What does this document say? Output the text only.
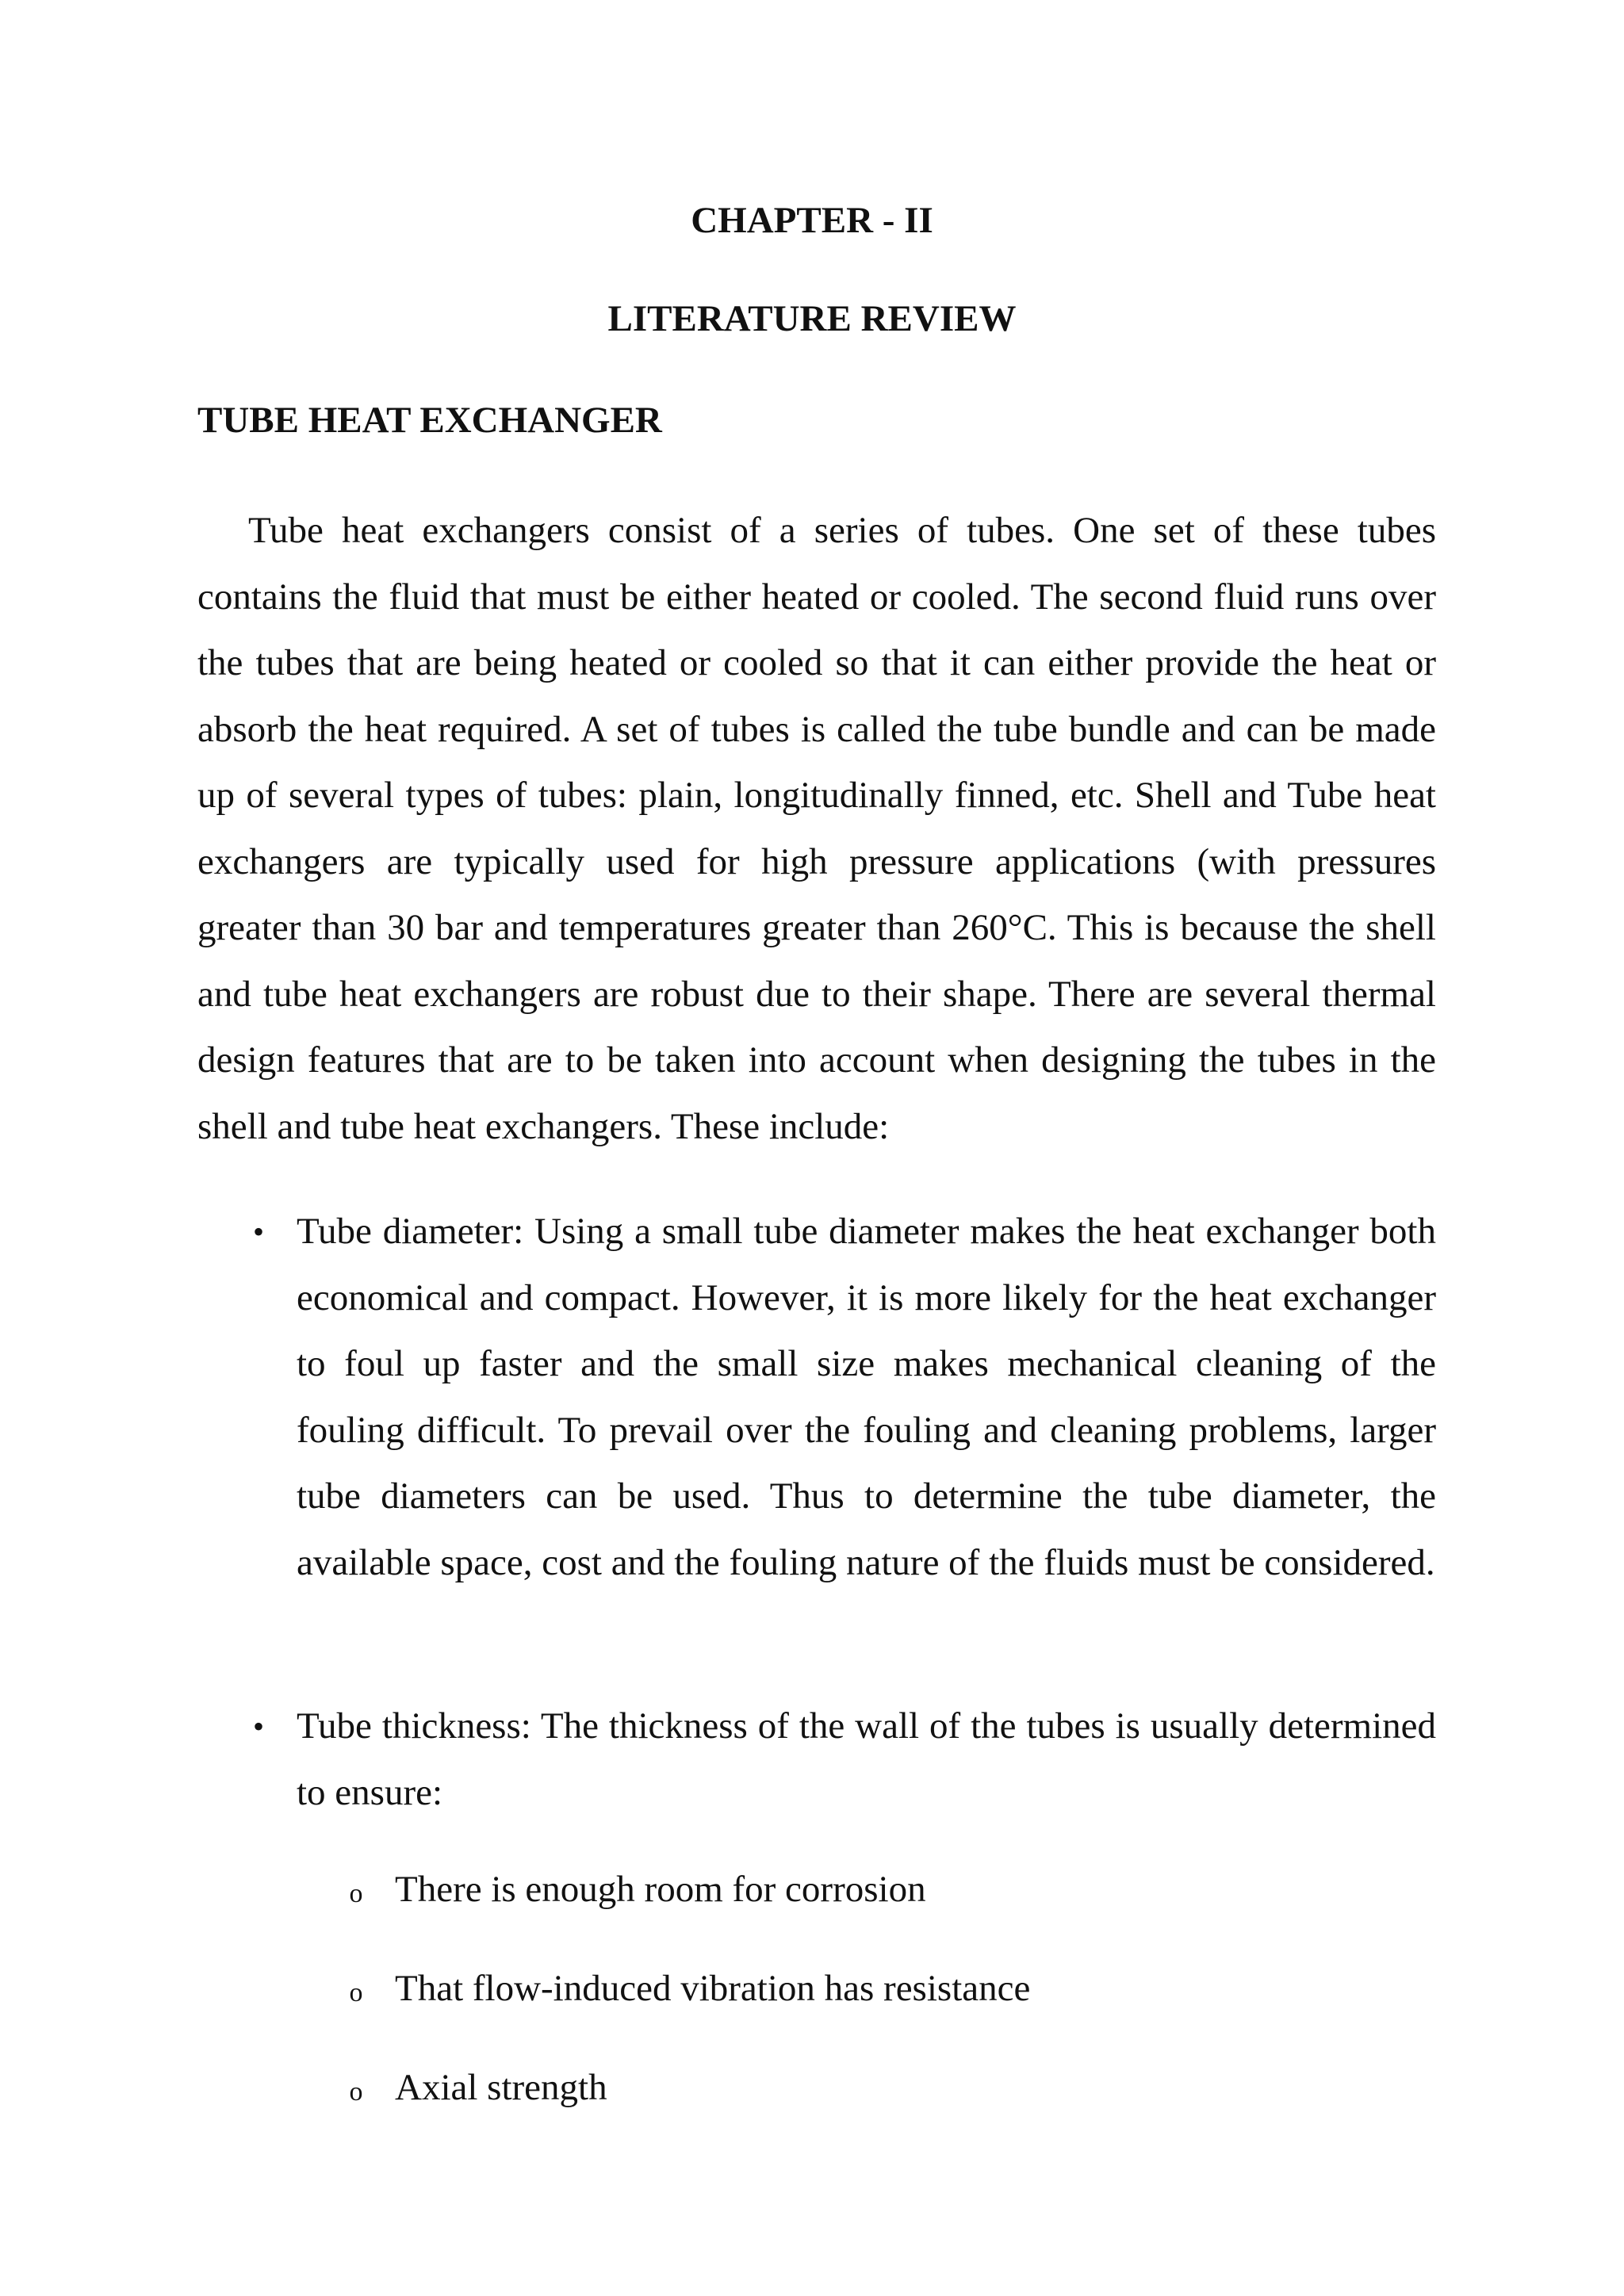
CHAPTER - II
LITERATURE REVIEW
TUBE HEAT EXCHANGER

Tube heat exchangers consist of a series of tubes. One set of these tubes contains the fluid that must be either heated or cooled. The second fluid runs over the tubes that are being heated or cooled so that it can either provide the heat or absorb the heat required. A set of tubes is called the tube bundle and can be made up of several types of tubes: plain, longitudinally finned, etc. Shell and Tube heat exchangers are typically used for high pressure applications (with pressures greater than 30 bar and temperatures greater than 260°C. This is because the shell and tube heat exchangers are robust due to their shape. There are several thermal design features that are to be taken into account when designing the tubes in the shell and tube heat exchangers. These include:

• Tube diameter: Using a small tube diameter makes the heat exchanger both economical and compact. However, it is more likely for the heat exchanger to foul up faster and the small size makes mechanical cleaning of the fouling difficult. To prevail over the fouling and cleaning problems, larger tube diameters can be used. Thus to determine the tube diameter, the available space, cost and the fouling nature of the fluids must be considered.
• Tube thickness: The thickness of the wall of the tubes is usually determined to ensure:
o There is enough room for corrosion
o That flow-induced vibration has resistance
o Axial strength
